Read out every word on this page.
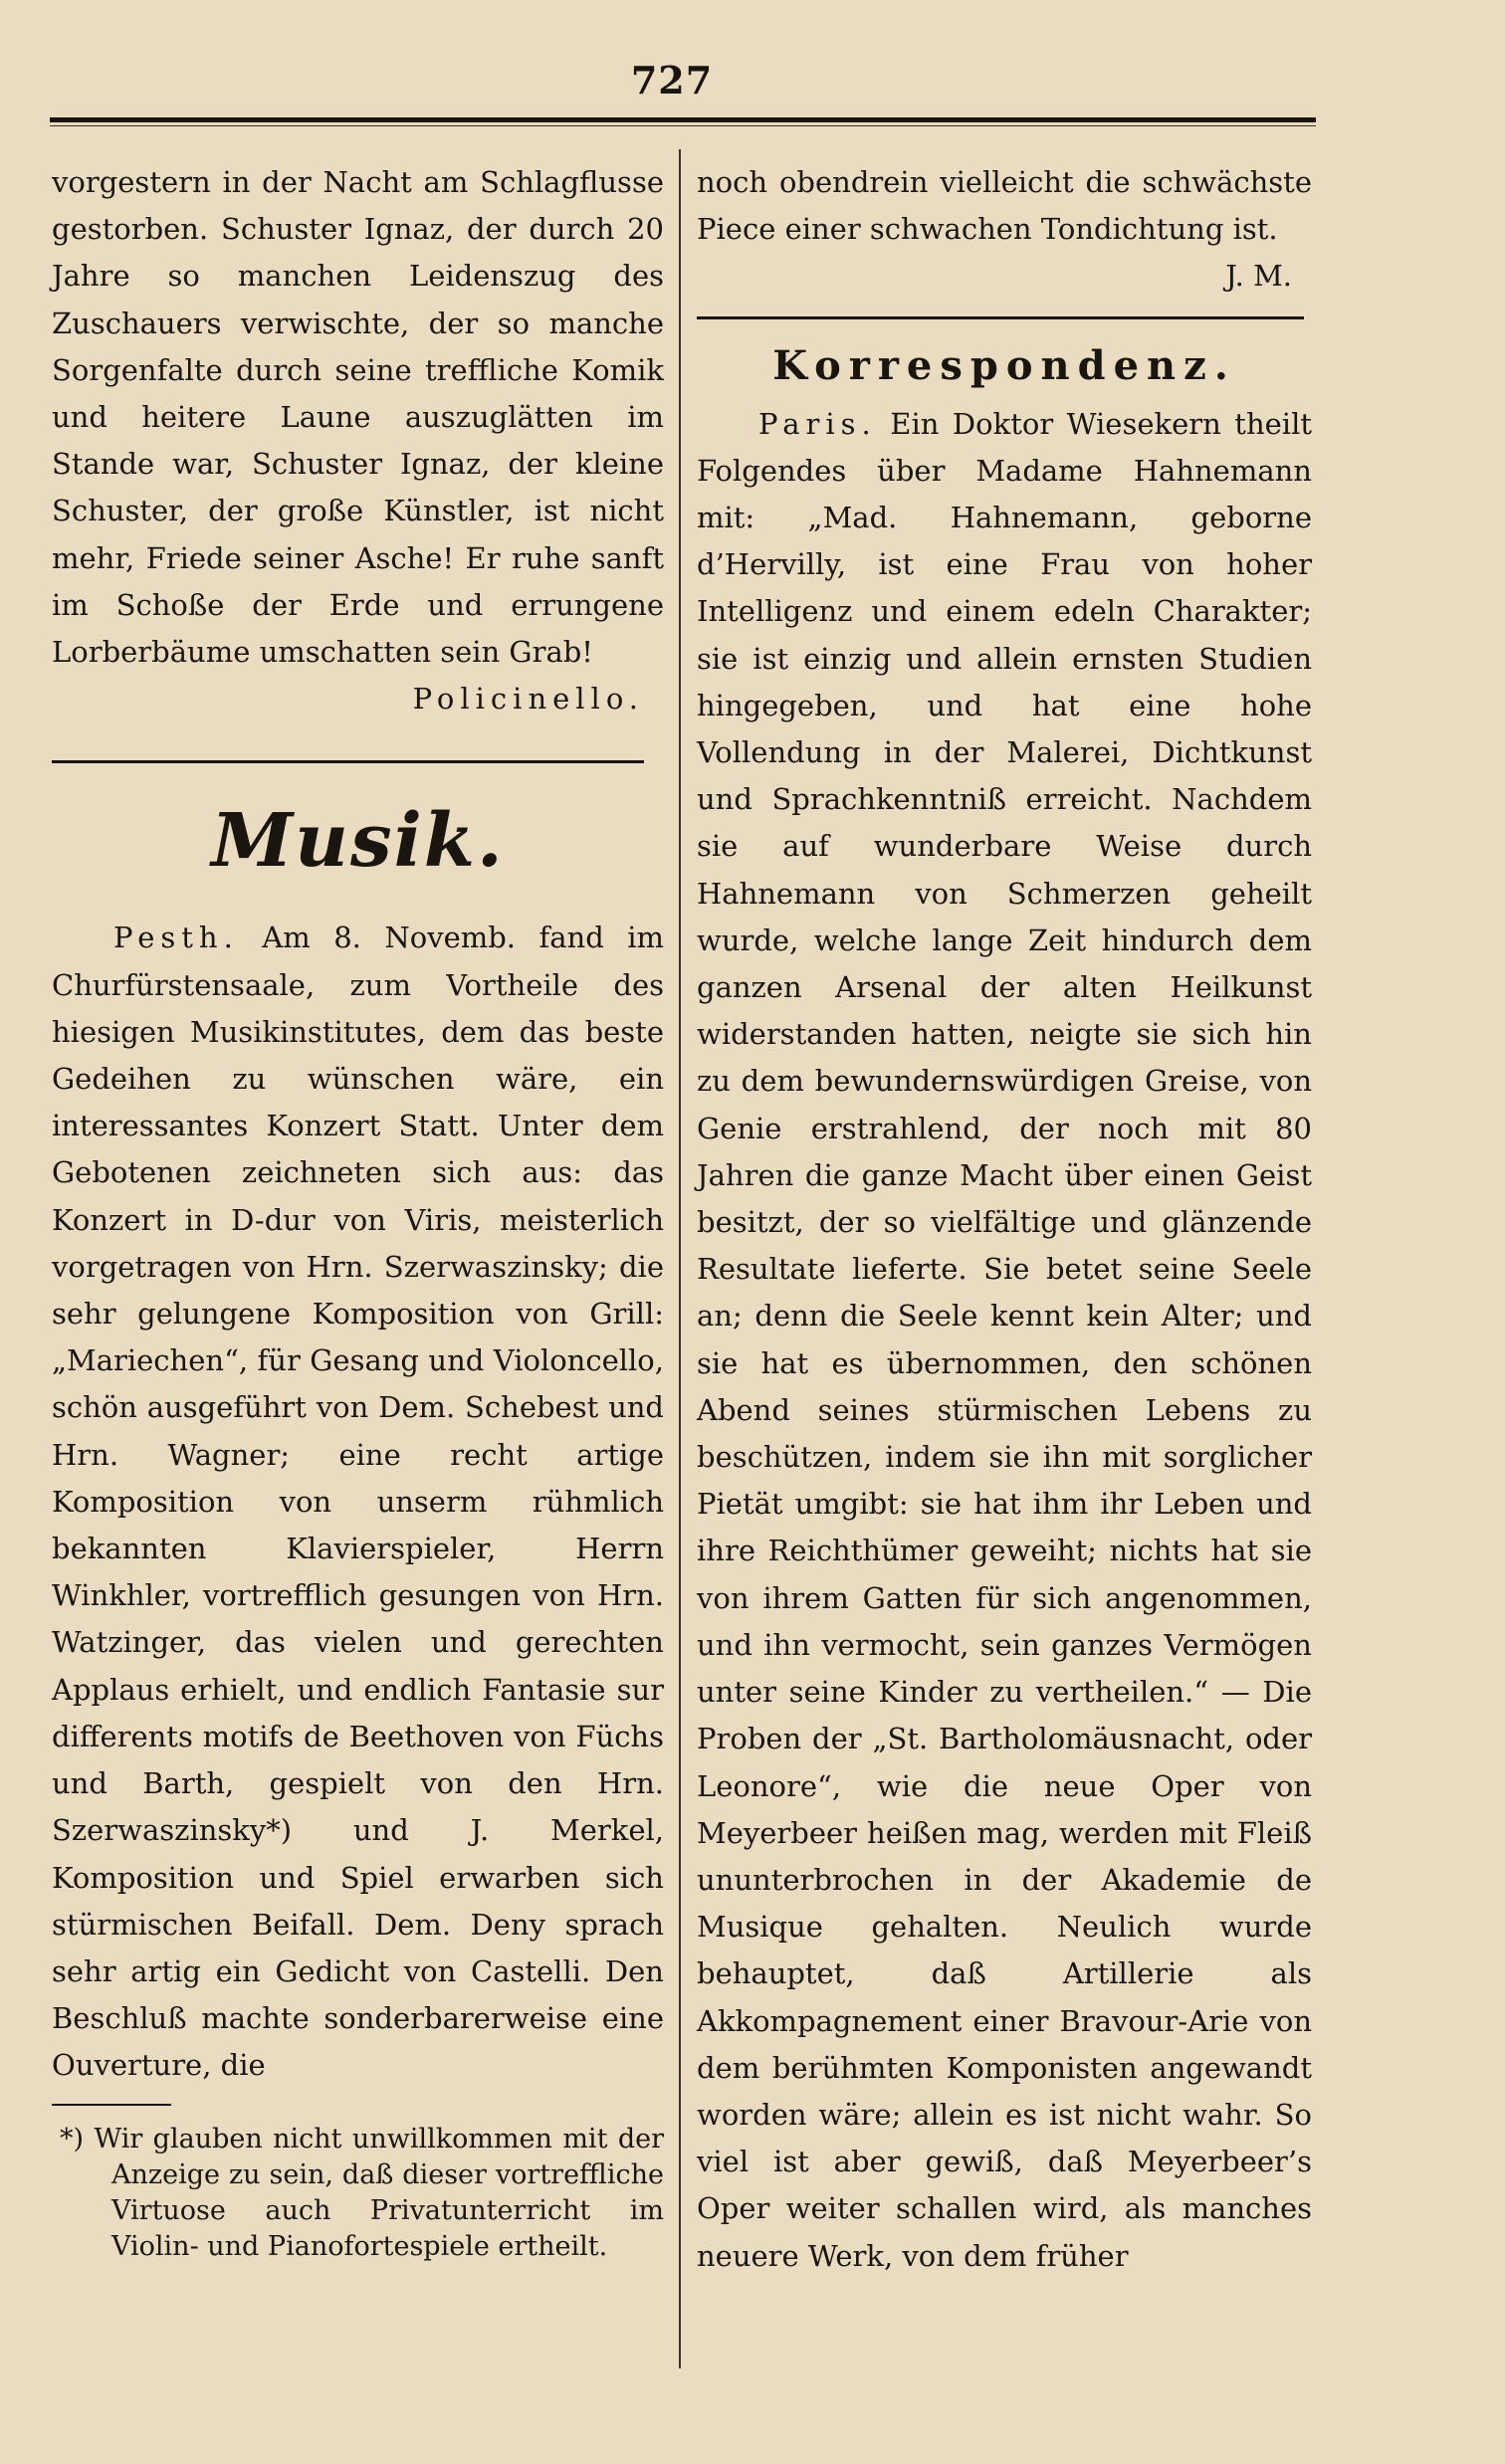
727

vorgestern in der Nacht am Schlagflusse gestorben. Schuster Ignaz, der durch 20 Jahre so manchen Leidenszug des Zuschauers verwischte, der so manche Sorgenfalte durch seine treffliche Komik und heitere Laune auszuglätten im Stande war, Schuster Ignaz, der kleine Schuster, der große Künstler, ist nicht mehr, Friede seiner Asche! Er ruhe sanft im Schoße der Erde und errungene Lorberbäume umschatten sein Grab!

Policinello.

Musik.

Pesth. Am 8. Novemb. fand im Churfürstensaale, zum Vortheile des hiesigen Musikinstitutes, dem das beste Gedeihen zu wünschen wäre, ein interessantes Konzert Statt. Unter dem Gebotenen zeichneten sich aus: das Konzert in D-dur von Viris, meisterlich vorgetragen von Hrn. Szerwaszinsky; die sehr gelungene Komposition von Grill: „Mariechen“, für Gesang und Violoncello, schön ausgeführt von Dem. Schebest und Hrn. Wagner; eine recht artige Komposition von unserm rühmlich bekannten Klavierspieler, Herrn Winkhler, vortrefflich gesungen von Hrn. Watzinger, das vielen und gerechten Applaus erhielt, und endlich Fantasie sur differents motifs de Beethoven von Füchs und Barth, gespielt von den Hrn. Szerwaszinsky*) und J. Merkel, Komposition und Spiel erwarben sich stürmischen Beifall. Dem. Deny sprach sehr artig ein Gedicht von Castelli. Den Beschluß machte sonderbarerweise eine Ouverture, die

*) Wir glauben nicht unwillkommen mit der Anzeige zu sein, daß dieser vortreffliche Virtuose auch Privatunterricht im Violin- und Pianofortespiele ertheilt.

noch obendrein vielleicht die schwächste Piece einer schwachen Tondichtung ist.

J. M.

Korrespondenz.

Paris. Ein Doktor Wiesekern theilt Folgendes über Madame Hahnemann mit: „Mad. Hahnemann, geborne d’Hervilly, ist eine Frau von hoher Intelligenz und einem edeln Charakter; sie ist einzig und allein ernsten Studien hingegeben, und hat eine hohe Vollendung in der Malerei, Dichtkunst und Sprachkenntniß erreicht. Nachdem sie auf wunderbare Weise durch Hahnemann von Schmerzen geheilt wurde, welche lange Zeit hindurch dem ganzen Arsenal der alten Heilkunst widerstanden hatten, neigte sie sich hin zu dem bewundernswürdigen Greise, von Genie erstrahlend, der noch mit 80 Jahren die ganze Macht über einen Geist besitzt, der so vielfältige und glänzende Resultate lieferte. Sie betet seine Seele an; denn die Seele kennt kein Alter; und sie hat es übernommen, den schönen Abend seines stürmischen Lebens zu beschützen, indem sie ihn mit sorglicher Pietät umgibt: sie hat ihm ihr Leben und ihre Reichthümer geweiht; nichts hat sie von ihrem Gatten für sich angenommen, und ihn vermocht, sein ganzes Vermögen unter seine Kinder zu vertheilen.“ — Die Proben der „St. Bartholomäusnacht, oder Leonore“, wie die neue Oper von Meyerbeer heißen mag, werden mit Fleiß ununterbrochen in der Akademie de Musique gehalten. Neulich wurde behauptet, daß Artillerie als Akkompagnement einer Bravour-Arie von dem berühmten Komponisten angewandt worden wäre; allein es ist nicht wahr. So viel ist aber gewiß, daß Meyerbeer’s Oper weiter schallen wird, als manches neuere Werk, von dem früher
